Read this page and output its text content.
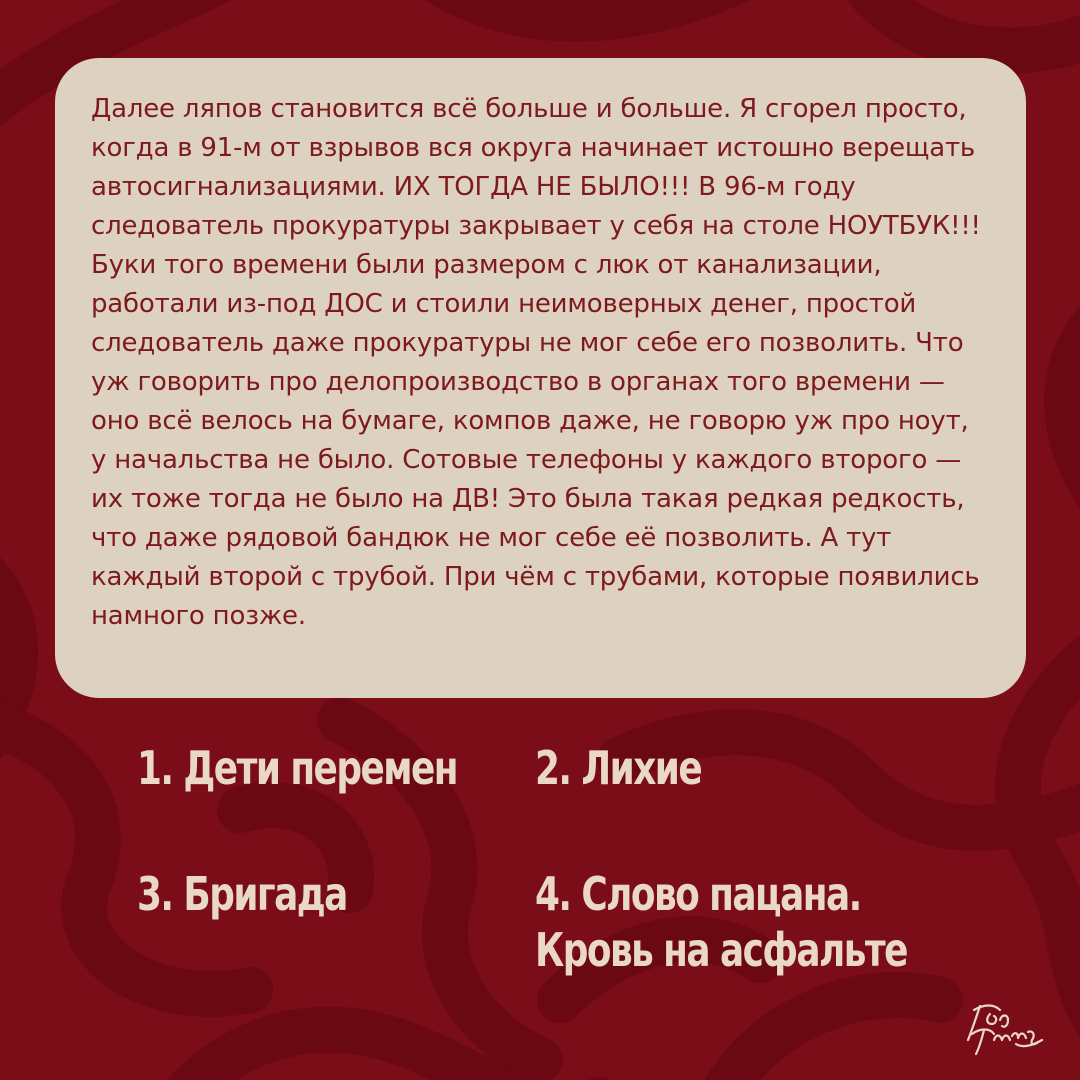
Далее ляпов становится всё больше и больше. Я сгорел просто, когда в 91-м от взрывов вся округа начинает истошно верещать автосигнализациями. ИХ ТОГДА НЕ БЫЛО!!! В 96-м году следователь прокуратуры закрывает у себя на столе НОУТБУК!!! Буки того времени были размером с люк от канализации, работали из-под ДОС и стоили неимоверных денег, простой следователь даже прокуратуры не мог себе его позволить. Что уж говорить про делопроизводство в органах того времени — оно всё велось на бумаге, компов даже, не говорю уж про ноут, у начальства не было. Сотовые телефоны у каждого второго — их тоже тогда не было на ДВ! Это была такая редкая редкость, что даже рядовой бандюк не мог себе её позволить. А тут каждый второй с трубой. При чём с трубами, которые появились намного позже.

1. Дети перемен 2. Лихие
3. Бригада	4. Слово пацана.
Кровь на асфальте
